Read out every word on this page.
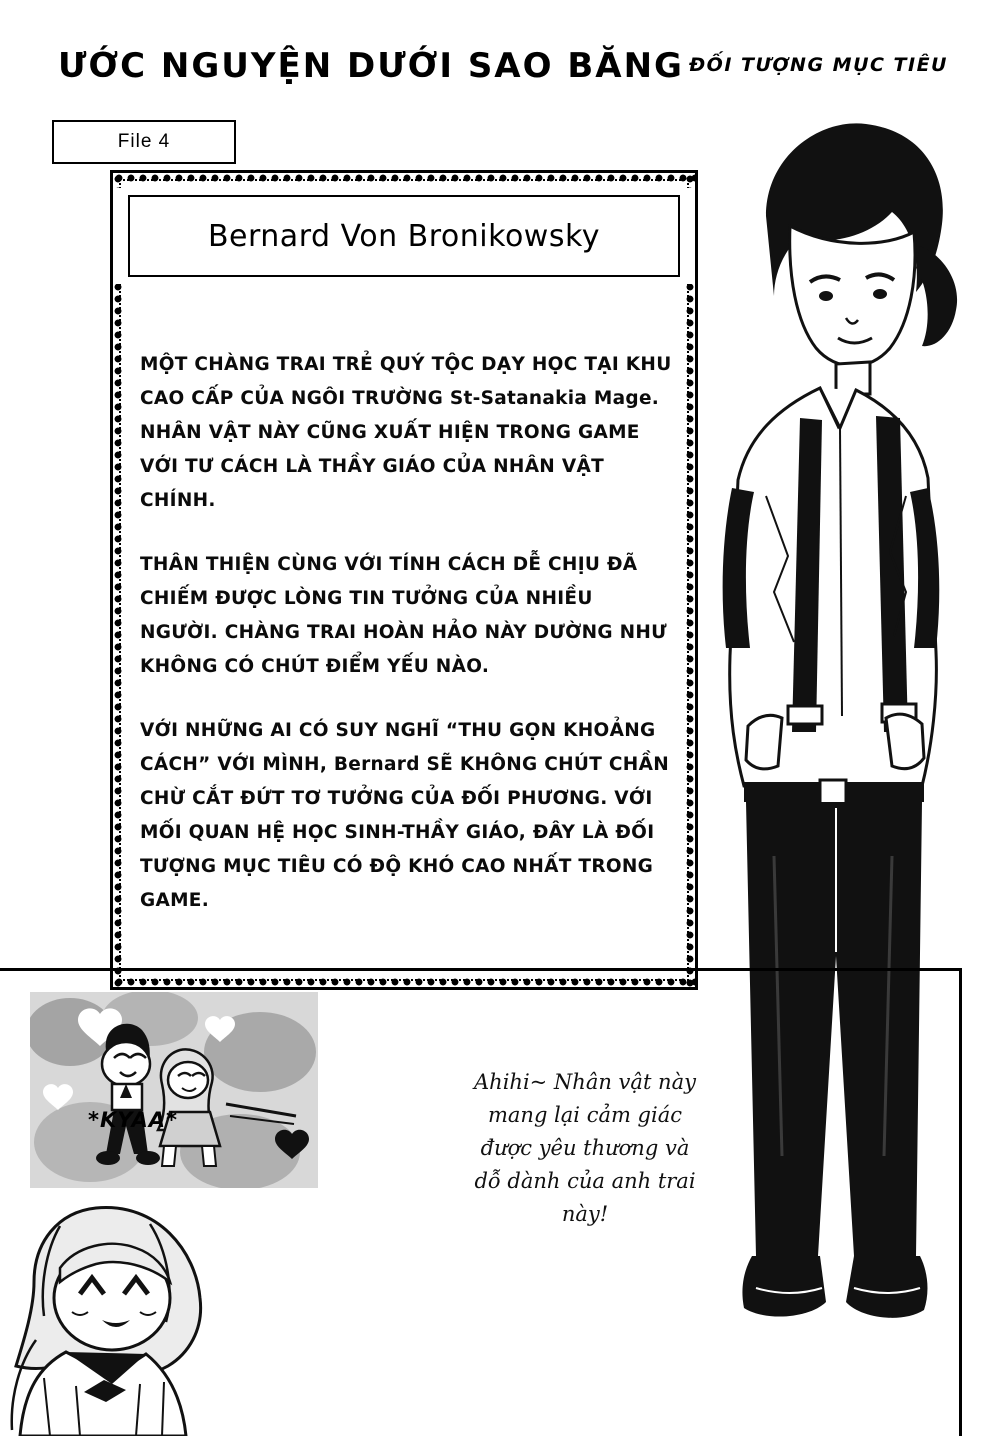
ƯỚC NGUYỆN DƯỚI SAO BĂNG ĐỐI TƯỢNG MỤC TIÊU
File 4
Bernard Von Bronikowsky

MỘT CHÀNG TRAI TRẺ QUÝ TỘC DẠY HỌC TẠI KHU CAO CẤP CỦA NGÔI TRƯỜNG St-Satanakia Mage. NHÂN VẬT NÀY CŨNG XUẤT HIỆN TRONG GAME VỚI TƯ CÁCH LÀ THẦY GIÁO CỦA NHÂN VẬT CHÍNH.

THÂN THIỆN CÙNG VỚI TÍNH CÁCH DỄ CHỊU ĐÃ CHIẾM ĐƯỢC LÒNG TIN TƯỞNG CỦA NHIỀU NGƯỜI. CHÀNG TRAI HOÀN HẢO NÀY DƯỜNG NHƯ KHÔNG CÓ CHÚT ĐIỂM YẾU NÀO.

VỚI NHỮNG AI CÓ SUY NGHĨ “THU GỌN KHOẢNG CÁCH” VỚI MÌNH, Bernard SẼ KHÔNG CHÚT CHẦN CHỪ CẮT ĐỨT TƠ TƯỞNG CỦA ĐỐI PHƯƠNG. VỚI MỐI QUAN HỆ HỌC SINH-THẦY GIÁO, ĐÂY LÀ ĐỐI TƯỢNG MỤC TIÊU CÓ ĐỘ KHÓ CAO NHẤT TRONG GAME.

*KYAA*
Ahihi~ Nhân vật này mang lại cảm giác được yêu thương và dỗ dành của anh trai này!
